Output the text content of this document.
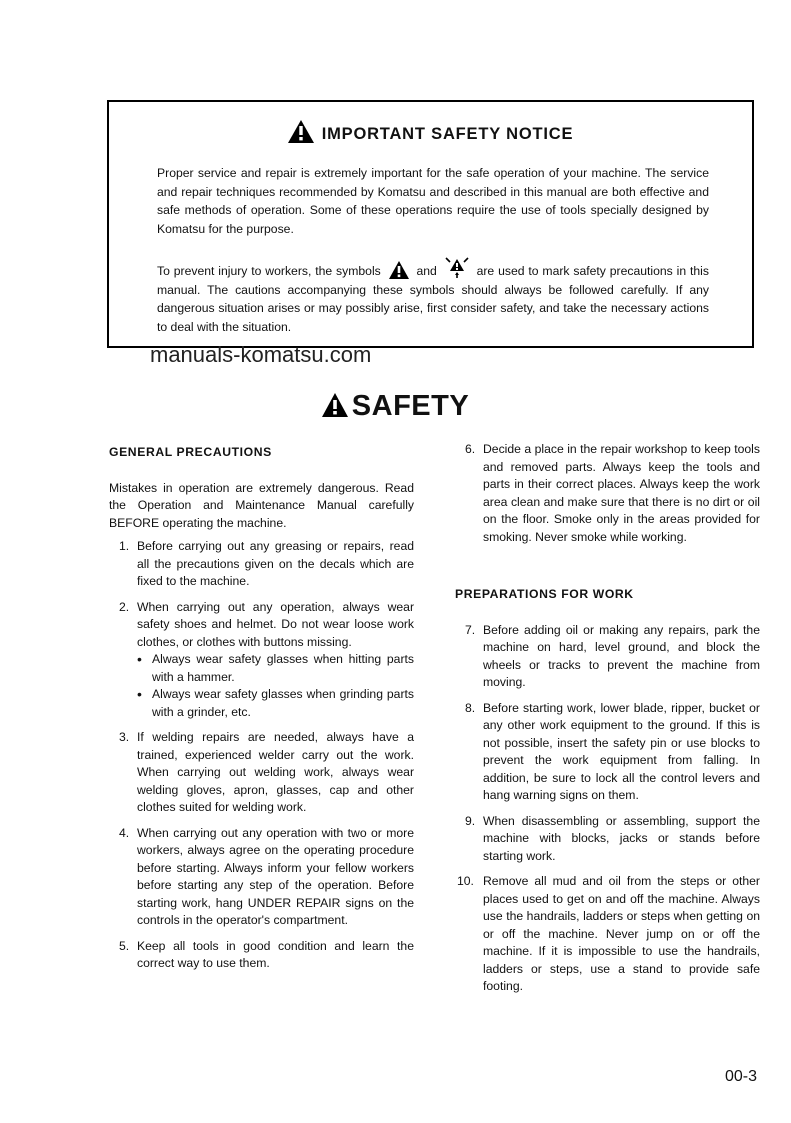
IMPORTANT SAFETY NOTICE

Proper service and repair is extremely important for the safe operation of your machine. The service and repair techniques recommended by Komatsu and described in this manual are both effective and safe methods of operation. Some of these operations require the use of tools specially designed by Komatsu for the purpose.

To prevent injury to workers, the symbols	and	are used to mark safety precautions in this manual. The cautions accompanying these symbols should always be followed carefully. If any dangerous situation arises or may possibly arise, first consider safety, and take the necessary actions to deal with the situation.

manuals-komatsu.com
SAFETY
GENERAL PRECAUTIONS

Mistakes in operation are extremely dangerous. Read the Operation and Maintenance Manual carefully BEFORE operating the machine.

1. Before carrying out any greasing or repairs, read all the precautions given on the decals which are fixed to the machine.
2. When carrying out any operation, always wear safety shoes and helmet. Do not wear loose work clothes, or clothes with buttons missing.
• Always wear safety glasses when hitting parts with a hammer.
• Always wear safety glasses when grinding parts with a grinder, etc.
3. If welding repairs are needed, always have a trained, experienced welder carry out the work. When carrying out welding work, always wear welding gloves, apron, glasses, cap and other clothes suited for welding work.
4. When carrying out any operation with two or more workers, always agree on the operating procedure before starting. Always inform your fellow workers before starting any step of the operation. Before starting work, hang UNDER REPAIR signs on the controls in the operator's compartment.
5. Keep all tools in good condition and learn the correct way to use them.
6. Decide a place in the repair workshop to keep tools and removed parts. Always keep the tools and parts in their correct places. Always keep the work area clean and make sure that there is no dirt or oil on the floor. Smoke only in the areas provided for smoking. Never smoke while working.
PREPARATIONS FOR WORK
7. Before adding oil or making any repairs, park the machine on hard, level ground, and block the wheels or tracks to prevent the machine from moving.
8. Before starting work, lower blade, ripper, bucket or any other work equipment to the ground. If this is not possible, insert the safety pin or use blocks to prevent the work equipment from falling. In addition, be sure to lock all the control levers and hang warning signs on them.
9. When disassembling or assembling, support the machine with blocks, jacks or stands before starting work.
10. Remove all mud and oil from the steps or other places used to get on and off the machine. Always use the handrails, ladders or steps when getting on or off the machine. Never jump on or off the machine. If it is impossible to use the handrails, ladders or steps, use a stand to provide safe footing.
00-3
